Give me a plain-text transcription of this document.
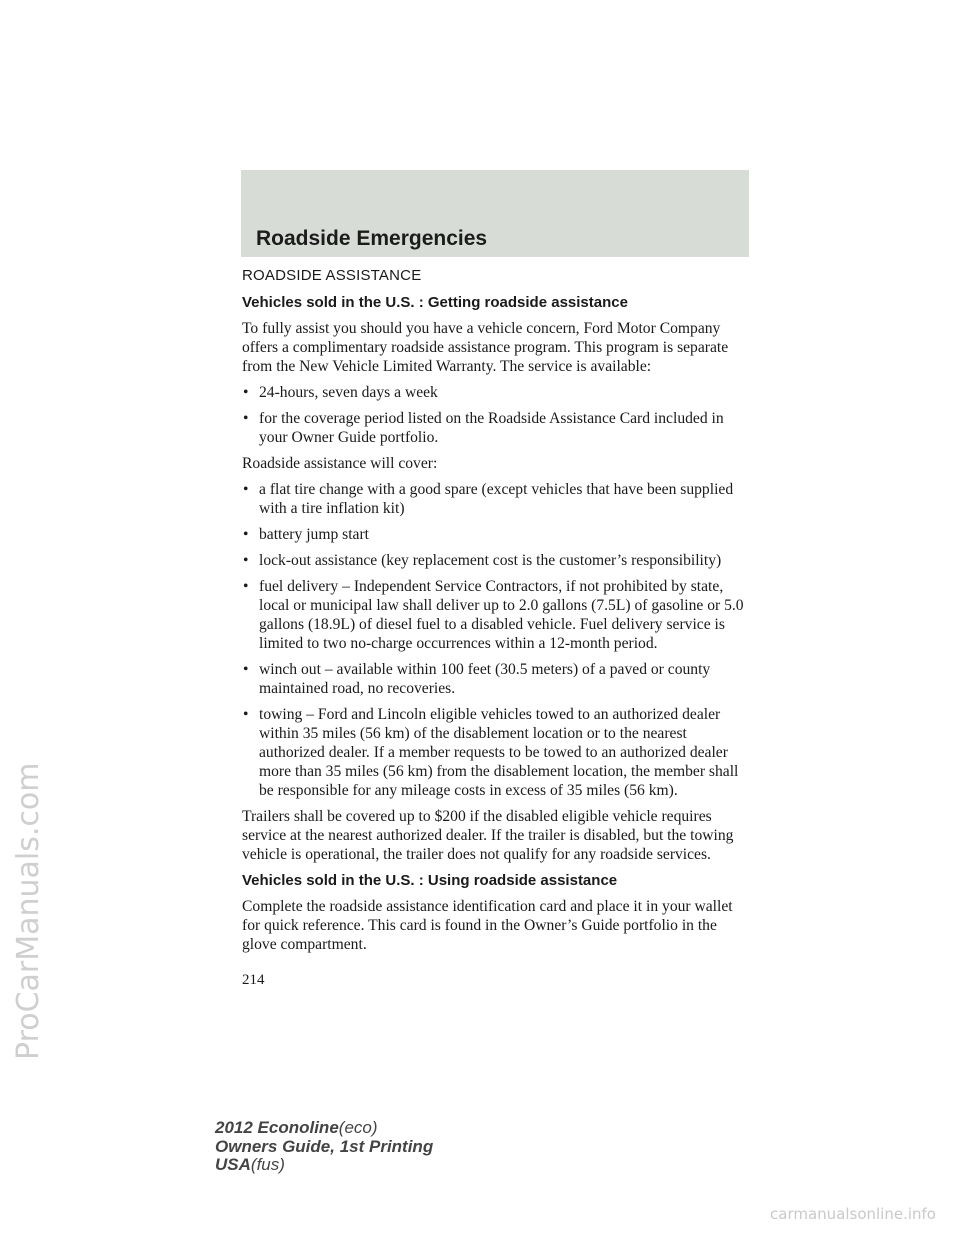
ProCarManuals.com
Roadside Emergencies
ROADSIDE ASSISTANCE
Vehicles sold in the U.S. : Getting roadside assistance

To fully assist you should you have a vehicle concern, Ford Motor Company offers a complimentary roadside assistance program. This program is separate from the New Vehicle Limited Warranty. The service is available:

• 24-hours, seven days a week
• for the coverage period listed on the Roadside Assistance Card included in your Owner Guide portfolio.

Roadside assistance will cover:

• a flat tire change with a good spare (except vehicles that have been supplied with a tire inflation kit)
• battery jump start
• lock-out assistance (key replacement cost is the customer’s responsibility)
• fuel delivery – Independent Service Contractors, if not prohibited by state, local or municipal law shall deliver up to 2.0 gallons (7.5L) of gasoline or 5.0 gallons (18.9L) of diesel fuel to a disabled vehicle. Fuel delivery service is limited to two no-charge occurrences within a 12-month period.
• winch out – available within 100 feet (30.5 meters) of a paved or county maintained road, no recoveries.
• towing – Ford and Lincoln eligible vehicles towed to an authorized dealer within 35 miles (56 km) of the disablement location or to the nearest authorized dealer. If a member requests to be towed to an authorized dealer more than 35 miles (56 km) from the disablement location, the member shall be responsible for any mileage costs in excess of 35 miles (56 km).

Trailers shall be covered up to $200 if the disabled eligible vehicle requires service at the nearest authorized dealer. If the trailer is disabled, but the towing vehicle is operational, the trailer does not qualify for any roadside services.

Vehicles sold in the U.S. : Using roadside assistance

Complete the roadside assistance identification card and place it in your wallet for quick reference. This card is found in the Owner’s Guide portfolio in the glove compartment.

214

2012 Econoline(eco)
Owners Guide, 1st Printing
USA(fus)
carmanualsonline.info
